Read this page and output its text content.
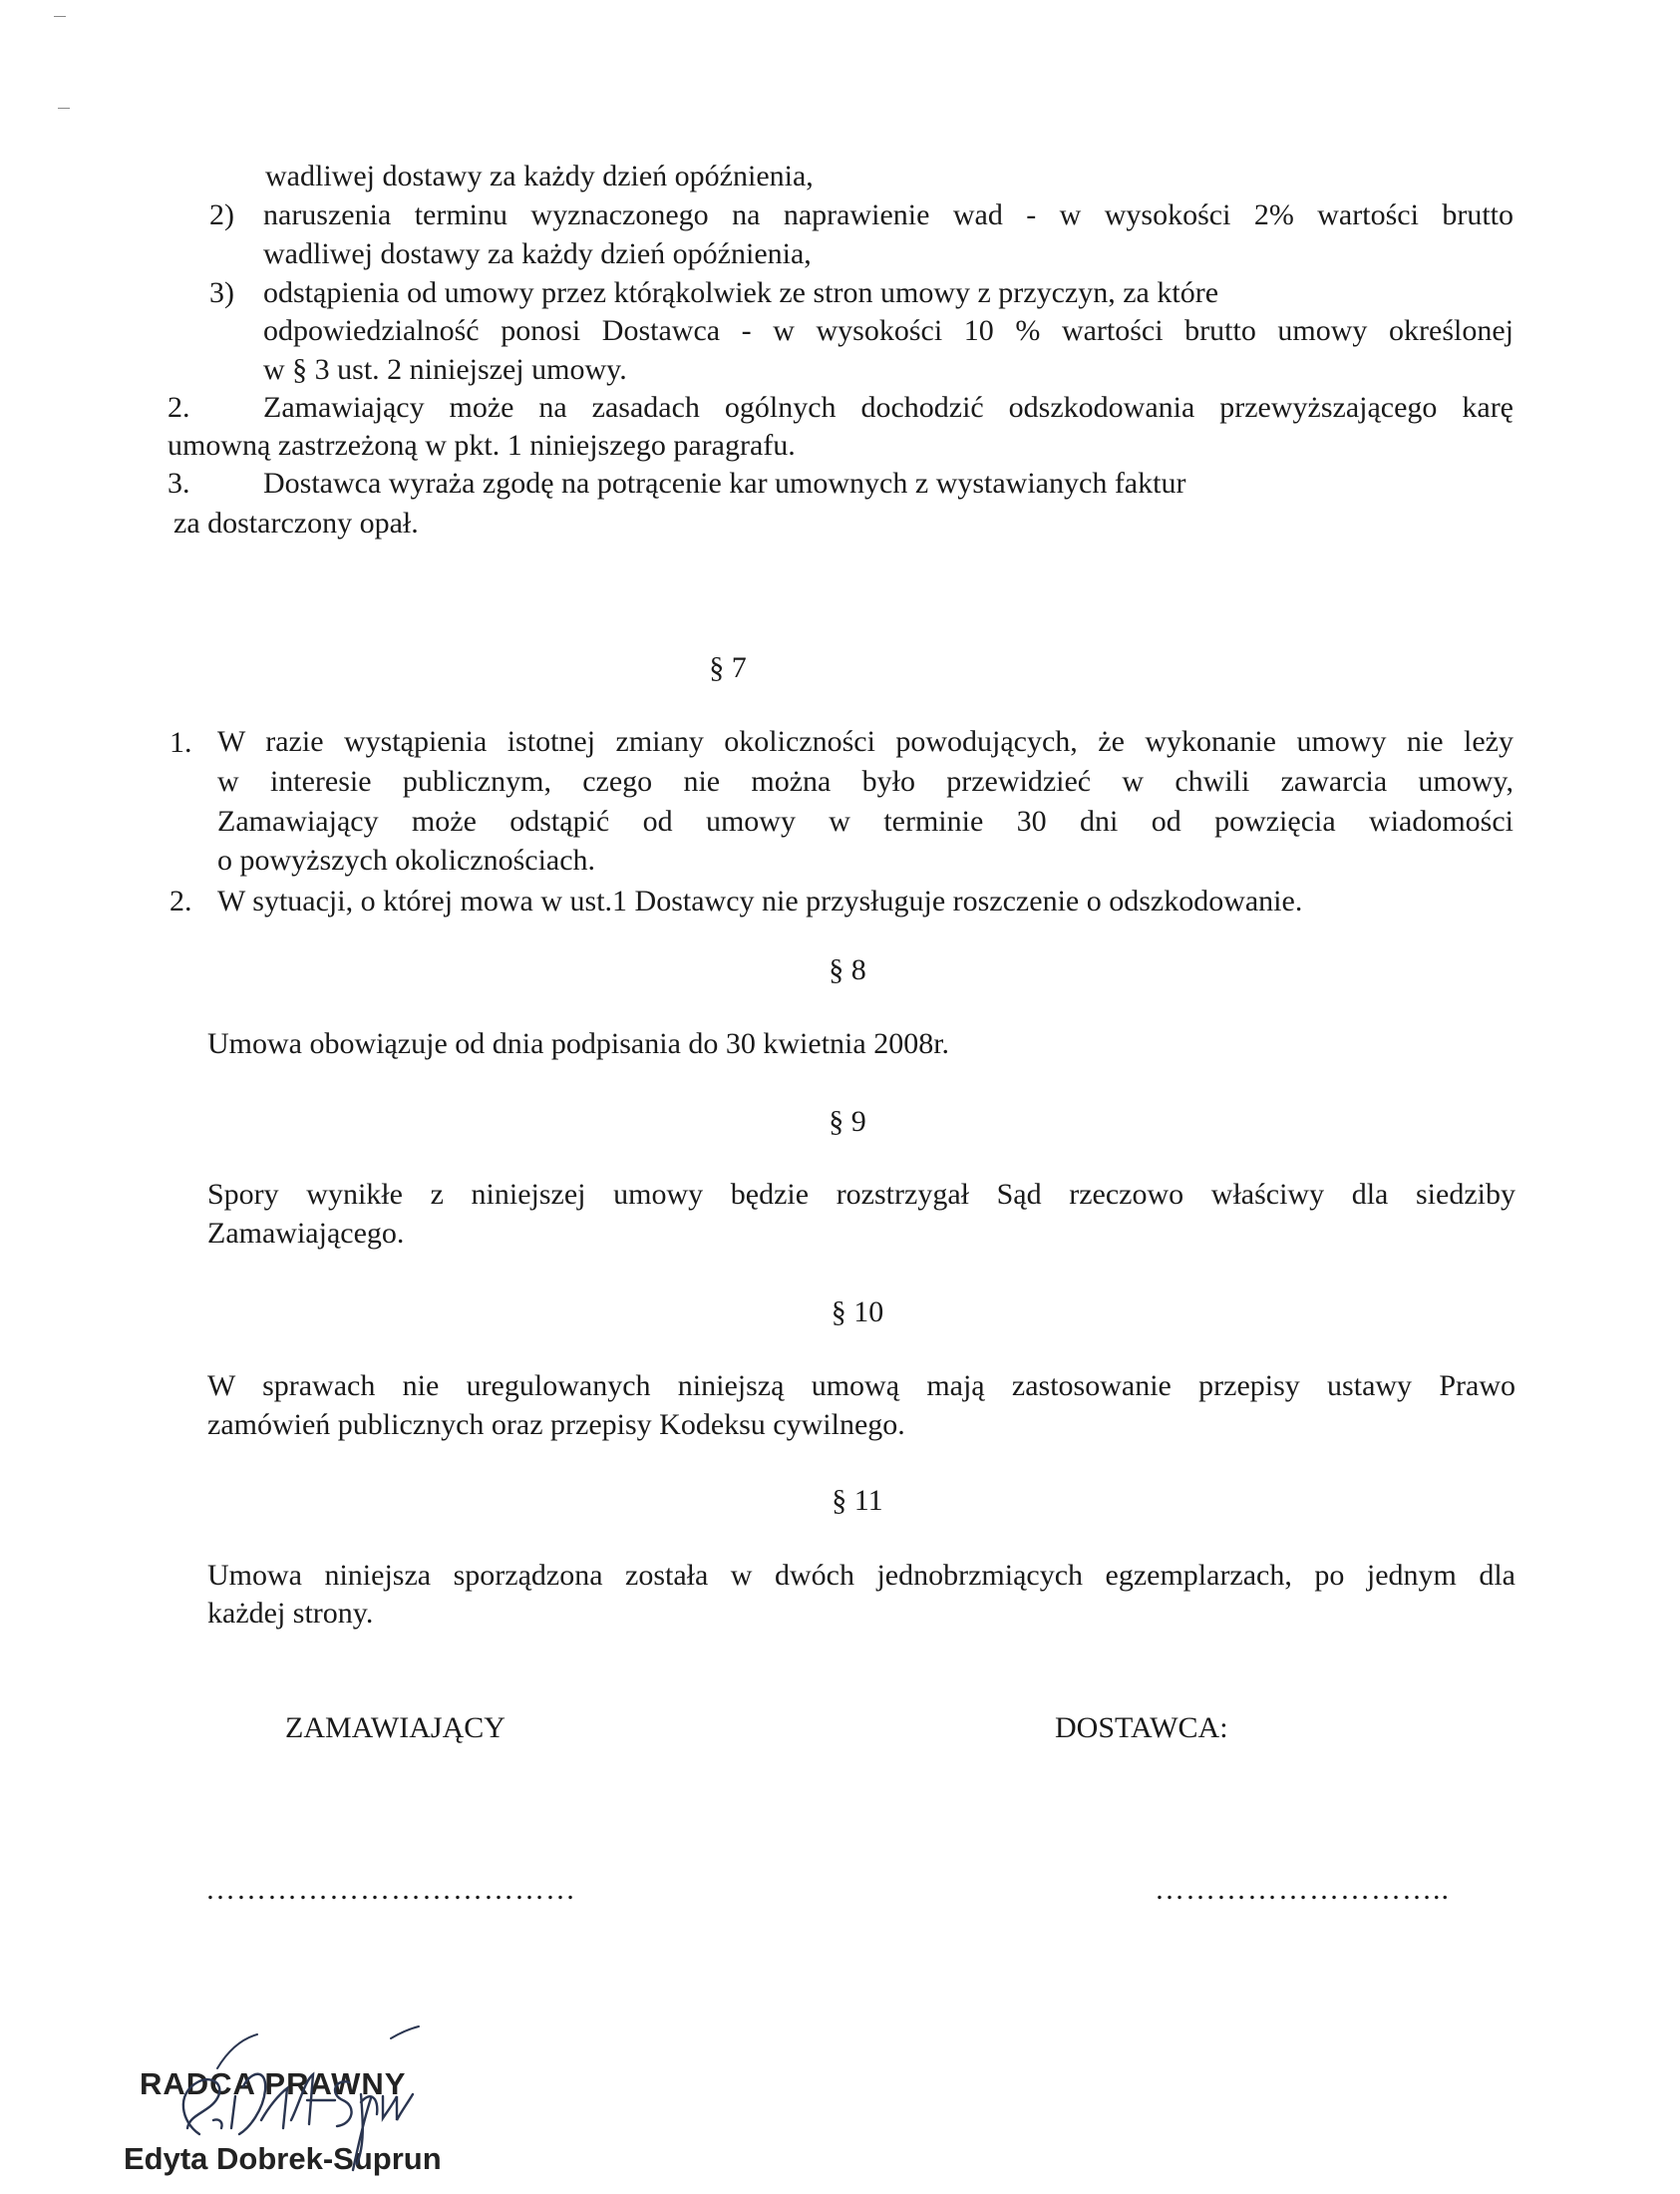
wadliwej dostawy za każdy dzień opóźnienia,
2) naruszenia terminu wyznaczonego na naprawienie wad - w wysokości 2% wartości brutto
wadliwej dostawy za każdy dzień opóźnienia,
3) odstąpienia od umowy przez którąkolwiek ze stron umowy z przyczyn, za które
odpowiedzialność ponosi Dostawca - w wysokości 10 % wartości brutto umowy określonej
w § 3 ust. 2 niniejszej umowy.
2. Zamawiający może na zasadach ogólnych dochodzić odszkodowania przewyższającego karę
umowną zastrzeżoną w pkt. 1 niniejszego paragrafu.
3. Dostawca wyraża zgodę na potrącenie kar umownych z wystawianych faktur
za dostarczony opał.
§ 7
1. W razie wystąpienia istotnej zmiany okoliczności powodujących, że wykonanie umowy nie leży
w interesie publicznym, czego nie można było przewidzieć w chwili zawarcia umowy,
Zamawiający może odstąpić od umowy w terminie 30 dni od powzięcia wiadomości
o powyższych okolicznościach.
2. W sytuacji, o której mowa w ust.1 Dostawcy nie przysługuje roszczenie o odszkodowanie.
§ 8
Umowa obowiązuje od dnia podpisania do 30 kwietnia 2008r.
§ 9
Spory wynikłe z niniejszej umowy będzie rozstrzygał Sąd rzeczowo właściwy dla siedziby
Zamawiającego.
§ 10
W sprawach nie uregulowanych niniejszą umową mają zastosowanie przepisy ustawy Prawo
zamówień publicznych oraz przepisy Kodeksu cywilnego.
§ 11
Umowa niniejsza sporządzona została w dwóch jednobrzmiących egzemplarzach, po jednym dla
każdej strony.
ZAMAWIAJĄCY	DOSTAWCA:
………………………………	………………………..
RADCA PRAWNY
Edyta Dobrek-Suprun
